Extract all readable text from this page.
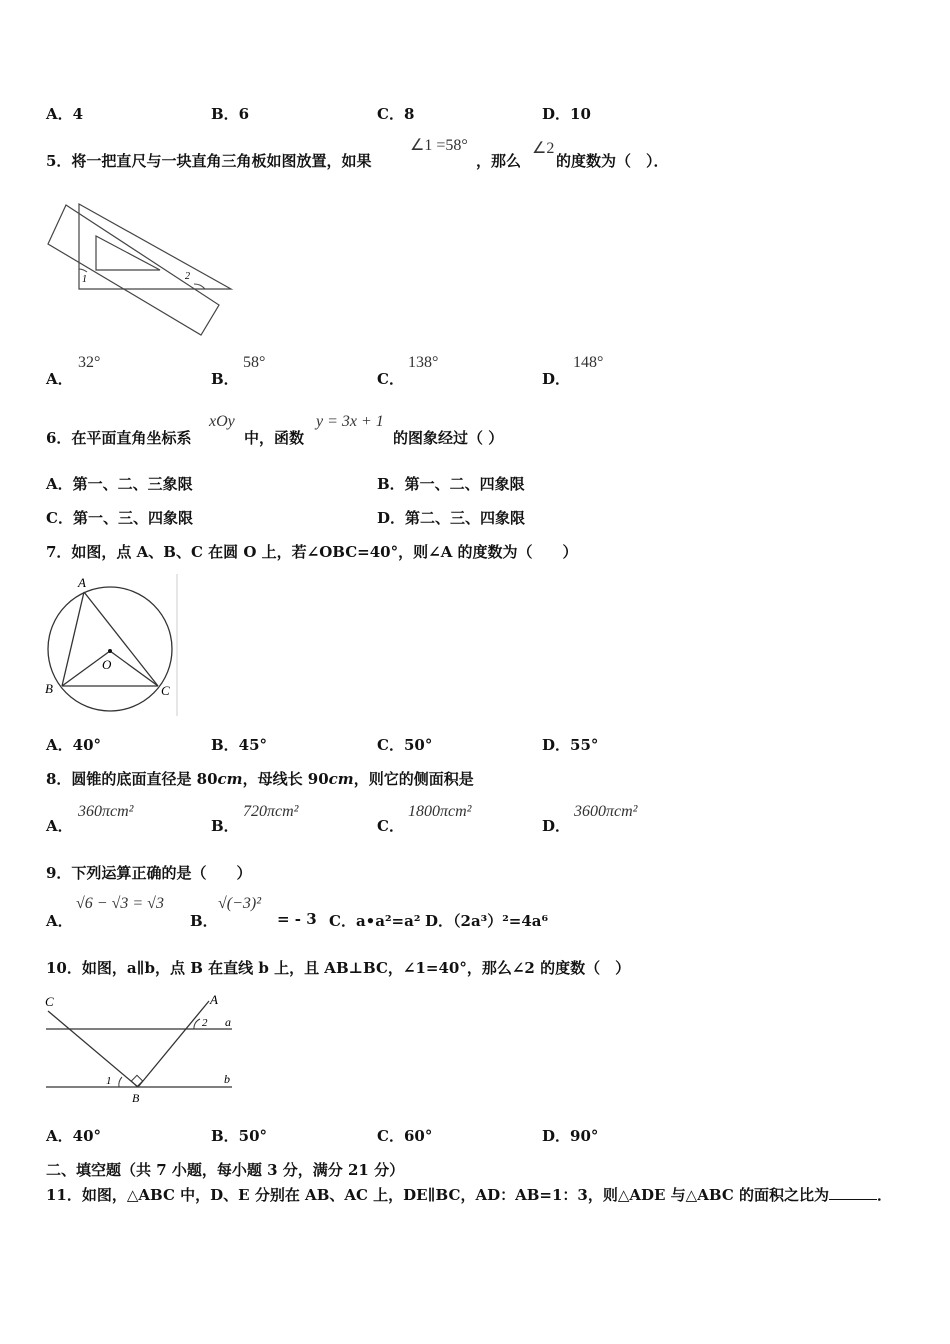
A．4	B．6	C．8	D．10
5．将一把直尺与一块直角三角板如图放置，如果
∠1 =58°
，那么
∠2
的度数为（　）．
1	2
A．
32°
B．
58°
C．
138°
D．
148°
6．在平面直角坐标系
xOy
中，函数
y = 3x + 1
的图象经过（ ）
A．第一、二、三象限	B．第一、二、四象限
C．第一、三、四象限	D．第二、三、四象限
7．如图，点 A、B、C 在圆 O 上，若∠OBC=40°，则∠A 的度数为（　　）
A
B	C
O
A．40°	B．45°	C．50°	D．55°
8．圆锥的底面直径是 80cm，母线长 90cm，则它的侧面积是
A．
360πcm²
B．
720πcm²
C．
1800πcm²
D．
3600πcm²
9．下列运算正确的是（　　）
A．
√6 − √3 = √3
B．
√(−3)²
= - 3 C．a•a²=a² D．（2a³）²=4a⁶
10．如图，a∥b，点 B 在直线 b 上，且 AB⊥BC，∠1=40°，那么∠2 的度数（　）
C	A
2 a
1	b
B
A．40°	B．50°	C．60°	D．90°
二、填空题（共 7 小题，每小题 3 分，满分 21 分）
11．如图，△ABC 中，D、E 分别在 AB、AC 上，DE∥BC，AD：AB=1：3，则△ADE 与△ABC 的面积之比为	．
